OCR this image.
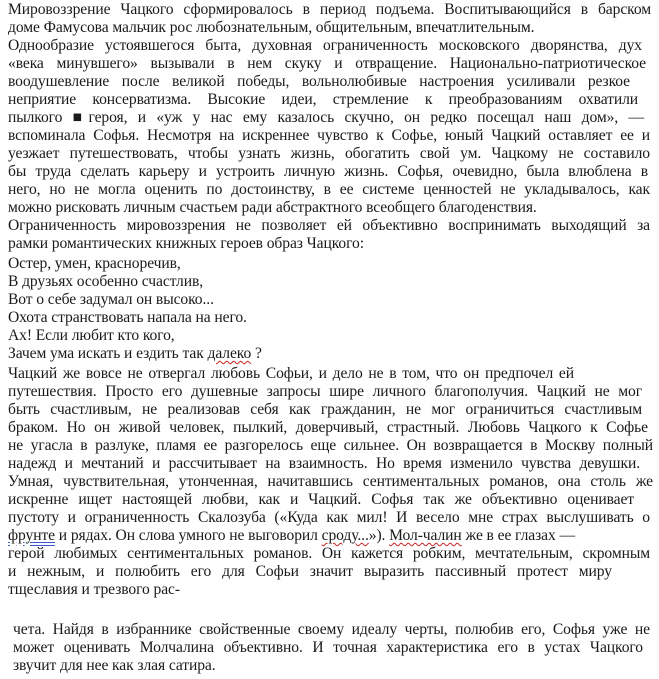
Мировоззрение Чацкого сформировалось в период подъема. Воспитывающийся в барском
доме Фамусова мальчик рос любознательным, общительным, впечатлительным.
Однообразие устоявшегося быта, духовная ограниченность московского дворянства, дух
«века минувшего» вызывали в нем скуку и отвращение. Национально-патриотическое
воодушевление после великой победы, вольнолюбивые настроения усиливали резкое
неприятие консерватизма. Высокие идеи, стремление к преобразованиям охватили
пылкого ■героя, и «уж у нас ему казалось скучно, он редко посещал наш дом», —
вспоминала Софья. Несмотря на искреннее чувство к Софье, юный Чацкий оставляет ее и
уезжает путешествовать, чтобы узнать жизнь, обогатить свой ум. Чацкому не составило
бы труда сделать карьеру и устроить личную жизнь. Софья, очевидно, была влюблена в
него, но не могла оценить по достоинству, в ее системе ценностей не укладывалось, как
можно рисковать личным счастьем ради абстрактного всеобщего благоденствия.
Ограниченность мировоззрения не позволяет ей объективно воспринимать выходящий за
рамки романтических книжных героев образ Чацкого:
Остер, умен, красноречив,
В друзьях особенно счастлив,
Вот о себе задумал он высоко...
Охота странствовать напала на него.
Ах! Если любит кто кого,
Зачем ума искать и ездить так далеко ?
Чацкий же вовсе не отвергал любовь Софьи, и дело не в том, что он предпочел ей
путешествия. Просто его душевные запросы шире личного благополучия. Чацкий не мог
быть счастливым, не реализовав себя как гражданин, не мог ограничиться счастливым
браком. Но он живой человек, пылкий, доверчивый, страстный. Любовь Чацкого к Софье
не угасла в разлуке, пламя ее разгорелось еще сильнее. Он возвращается в Москву полный
надежд и мечтаний и рассчитывает на взаимность. Но время изменило чувства девушки.
Умная, чувствительная, утонченная, начитавшись сентиментальных романов, она столь же
искренне ищет настоящей любви, как и Чацкий. Софья так же объективно оценивает
пустоту и ограниченность Скалозуба («Куда как мил! И весело мне страх выслушивать о
фрунте и рядах. Он слова умного не выговорил сроду...»). Мол-чалин же в ее глазах —
герой любимых сентиментальных романов. Он кажется робким, мечтательным, скромным
и нежным, и полюбить его для Софьи значит выразить пассивный протест миру
тщеславия и трезвого рас-
чета. Найдя в избраннике свойственные своему идеалу черты, полюбив его, Софья уже не
может оценивать Молчалина объективно. И точная характеристика его в устах Чацкого
звучит для нее как злая сатира.
